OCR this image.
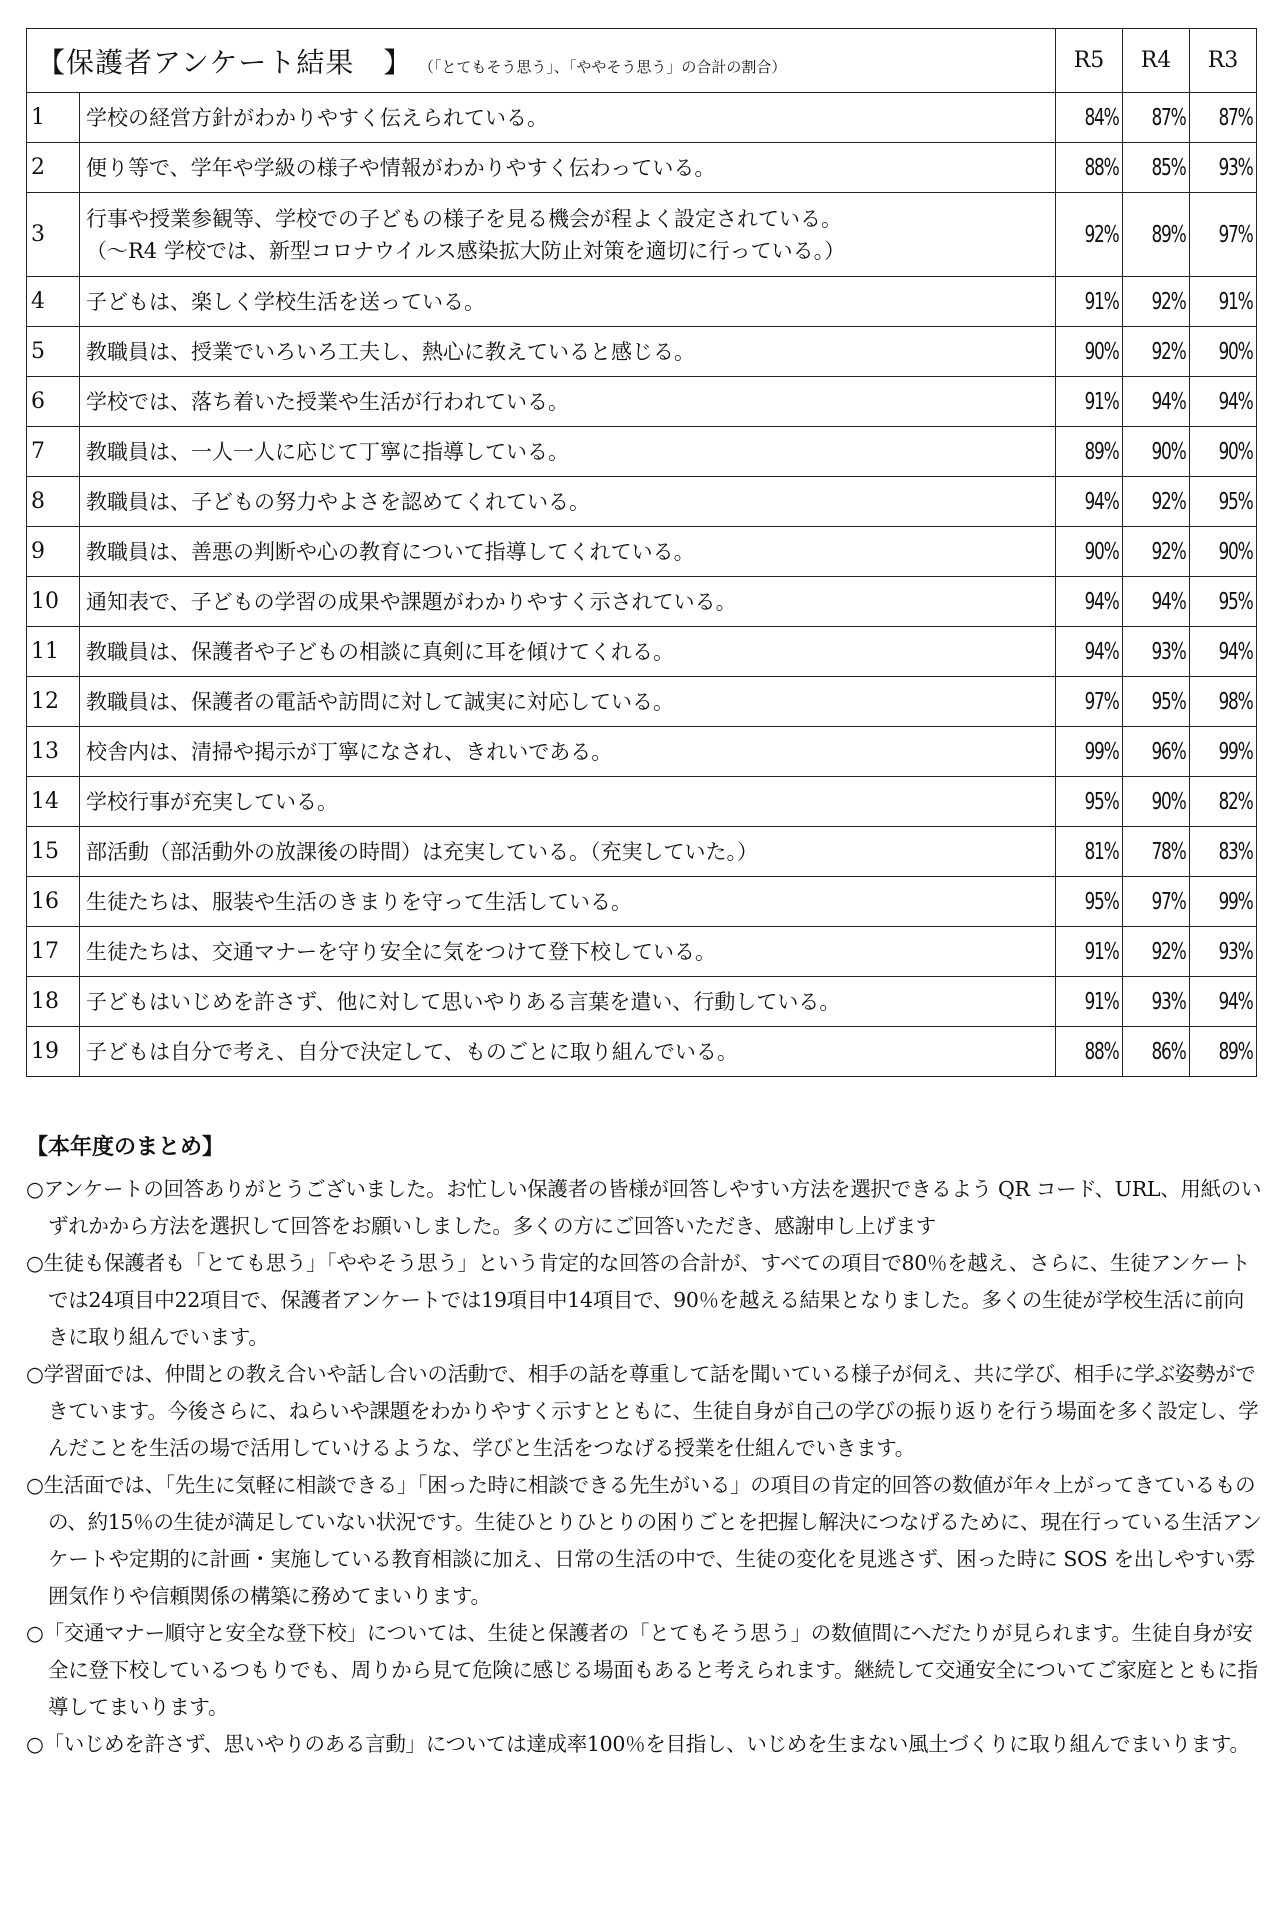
【保護者アンケート結果　】 （「とてもそう思う」、「ややそう思う」の合計の割合）		R5	R4	R3
1	学校の経営方針がわかりやすく伝えられている。	84%	87%	87%
2	便り等で、学年や学級の様子や情報がわかりやすく伝わっている。	88%	85%	93%
3	行事や授業参観等、学校での子どもの様子を見る機会が程よく設定されている。
（～R4 学校では、新型コロナウイルス感染拡大防止対策を適切に行っている。）	92%	89%	97%
4	子どもは、楽しく学校生活を送っている。	91%	92%	91%
5	教職員は、授業でいろいろ工夫し、熱心に教えていると感じる。	90%	92%	90%
6	学校では、落ち着いた授業や生活が行われている。	91%	94%	94%
7	教職員は、一人一人に応じて丁寧に指導している。	89%	90%	90%
8	教職員は、子どもの努力やよさを認めてくれている。	94%	92%	95%
9	教職員は、善悪の判断や心の教育について指導してくれている。	90%	92%	90%
10	通知表で、子どもの学習の成果や課題がわかりやすく示されている。	94%	94%	95%
11	教職員は、保護者や子どもの相談に真剣に耳を傾けてくれる。	94%	93%	94%
12	教職員は、保護者の電話や訪問に対して誠実に対応している。	97%	95%	98%
13	校舎内は、清掃や掲示が丁寧になされ、きれいである。	99%	96%	99%
14	学校行事が充実している。	95%	90%	82%
15	部活動（部活動外の放課後の時間）は充実している。（充実していた。）	81%	78%	83%
16	生徒たちは、服装や生活のきまりを守って生活している。	95%	97%	99%
17	生徒たちは、交通マナーを守り安全に気をつけて登下校している。	91%	92%	93%
18	子どもはいじめを許さず、他に対して思いやりある言葉を遣い、行動している。	91%	93%	94%
19	子どもは自分で考え、自分で決定して、ものごとに取り組んでいる。	88%	86%	89%
【本年度のまとめ】

○アンケートの回答ありがとうございました。お忙しい保護者の皆様が回答しやすい方法を選択できるよう QR コード、URL、用紙のいずれかから方法を選択して回答をお願いしました。多くの方にご回答いただき、感謝申し上げます

○生徒も保護者も「とても思う」「ややそう思う」という肯定的な回答の合計が、すべての項目で80％を越え、さらに、生徒アンケートでは24項目中22項目で、保護者アンケートでは19項目中14項目で、90％を越える結果となりました。多くの生徒が学校生活に前向きに取り組んでいます。

○学習面では、仲間との教え合いや話し合いの活動で、相手の話を尊重して話を聞いている様子が伺え、共に学び、相手に学ぶ姿勢ができています。今後さらに、ねらいや課題をわかりやすく示すとともに、生徒自身が自己の学びの振り返りを行う場面を多く設定し、学んだことを生活の場で活用していけるような、学びと生活をつなげる授業を仕組んでいきます。

○生活面では、「先生に気軽に相談できる」「困った時に相談できる先生がいる」の項目の肯定的回答の数値が年々上がってきているものの、約15％の生徒が満足していない状況です。生徒ひとりひとりの困りごとを把握し解決につなげるために、現在行っている生活アンケートや定期的に計画・実施している教育相談に加え、日常の生活の中で、生徒の変化を見逃さず、困った時に SOS を出しやすい雰囲気作りや信頼関係の構築に務めてまいります。

○「交通マナー順守と安全な登下校」については、生徒と保護者の「とてもそう思う」の数値間にへだたりが見られます。生徒自身が安全に登下校しているつもりでも、周りから見て危険に感じる場面もあると考えられます。継続して交通安全についてご家庭とともに指導してまいります。

○「いじめを許さず、思いやりのある言動」については達成率100％を目指し、いじめを生まない風土づくりに取り組んでまいります。
